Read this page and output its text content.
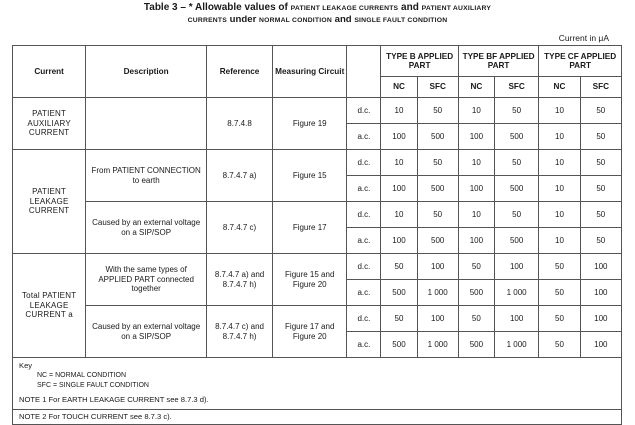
Table 3 – * Allowable values of PATIENT LEAKAGE CURRENTS and PATIENT AUXILIARY
CURRENTS under NORMAL CONDITION and SINGLE FAULT CONDITION
Current in μA
Current	Description	Reference	Measuring Circuit		TYPE B APPLIED PART		TYPE BF APPLIED PART		TYPE CF APPLIED PART	
					NC	SFC	NC	SFC	NC	SFC
PATIENT AUXILIARY CURRENT		8.7.4.8	Figure 19	d.c.	10	50	10	50	10	50
				a.c.	100	500	100	500	10	50
PATIENT LEAKAGE CURRENT	From PATIENT CONNECTION to earth	8.7.4.7 a)	Figure 15	d.c.	10	50	10	50	10	50
				a.c.	100	500	100	500	10	50
	Caused by an external voltage on a SIP/SOP	8.7.4.7 c)	Figure 17	d.c.	10	50	10	50	10	50
				a.c.	100	500	100	500	10	50
Total PATIENT LEAKAGE CURRENT a	With the same types of APPLIED PART connected together	8.7.4.7 a) and 8.7.4.7 h)	Figure 15 and Figure 20	d.c.	50	100	50	100	50	100
				a.c.	500	1 000	500	1 000	50	100
	Caused by an external voltage on a SIP/SOP	8.7.4.7 c) and 8.7.4.7 h)	Figure 17 and Figure 20	d.c.	50	100	50	100	50	100
				a.c.	500	1 000	500	1 000	50	100

Key
NC = NORMAL CONDITION
SFC = SINGLE FAULT CONDITION
NOTE 1 For EARTH LEAKAGE CURRENT see 8.7.3 d).										

NOTE 2 For TOUCH CURRENT see 8.7.3 c).										
